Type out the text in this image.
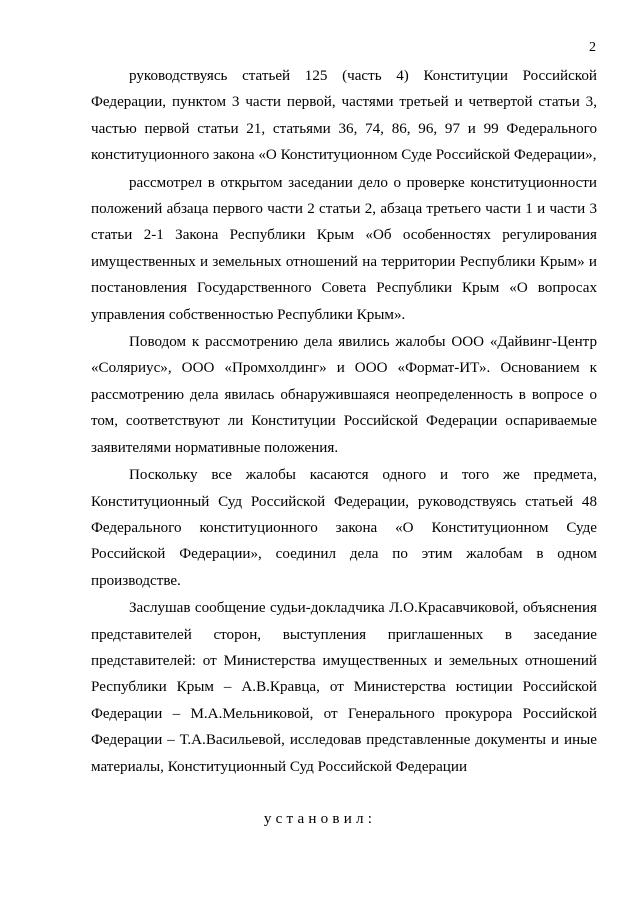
2

руководствуясь статьей 125 (часть 4) Конституции Российской Федерации, пунктом 3 части первой, частями третьей и четвертой статьи 3, частью первой статьи 21, статьями 36, 74, 86, 96, 97 и 99 Федерального конституционного закона «О Конституционном Суде Российской Федерации»,

рассмотрел в открытом заседании дело о проверке конституционности положений абзаца первого части 2 статьи 2, абзаца третьего части 1 и части 3 статьи 2-1 Закона Республики Крым «Об особенностях регулирования имущественных и земельных отношений на территории Республики Крым» и постановления Государственного Совета Республики Крым «О вопросах управления собственностью Республики Крым».

Поводом к рассмотрению дела явились жалобы ООО «Дайвинг-Центр «Соляриус», ООО «Промхолдинг» и ООО «Формат-ИТ». Основанием к рассмотрению дела явилась обнаружившаяся неопределенность в вопросе о том, соответствуют ли Конституции Российской Федерации оспариваемые заявителями нормативные положения.

Поскольку все жалобы касаются одного и того же предмета, Конституционный Суд Российской Федерации, руководствуясь статьей 48 Федерального конституционного закона «О Конституционном Суде Российской Федерации», соединил дела по этим жалобам в одном производстве.

Заслушав сообщение судьи-докладчика Л.О.Красавчиковой, объяснения представителей сторон, выступления приглашенных в заседание представителей: от Министерства имущественных и земельных отношений Республики Крым – А.В.Кравца, от Министерства юстиции Российской Федерации – М.А.Мельниковой, от Генерального прокурора Российской Федерации – Т.А.Васильевой, исследовав представленные документы и иные материалы, Конституционный Суд Российской Федерации

установил:
